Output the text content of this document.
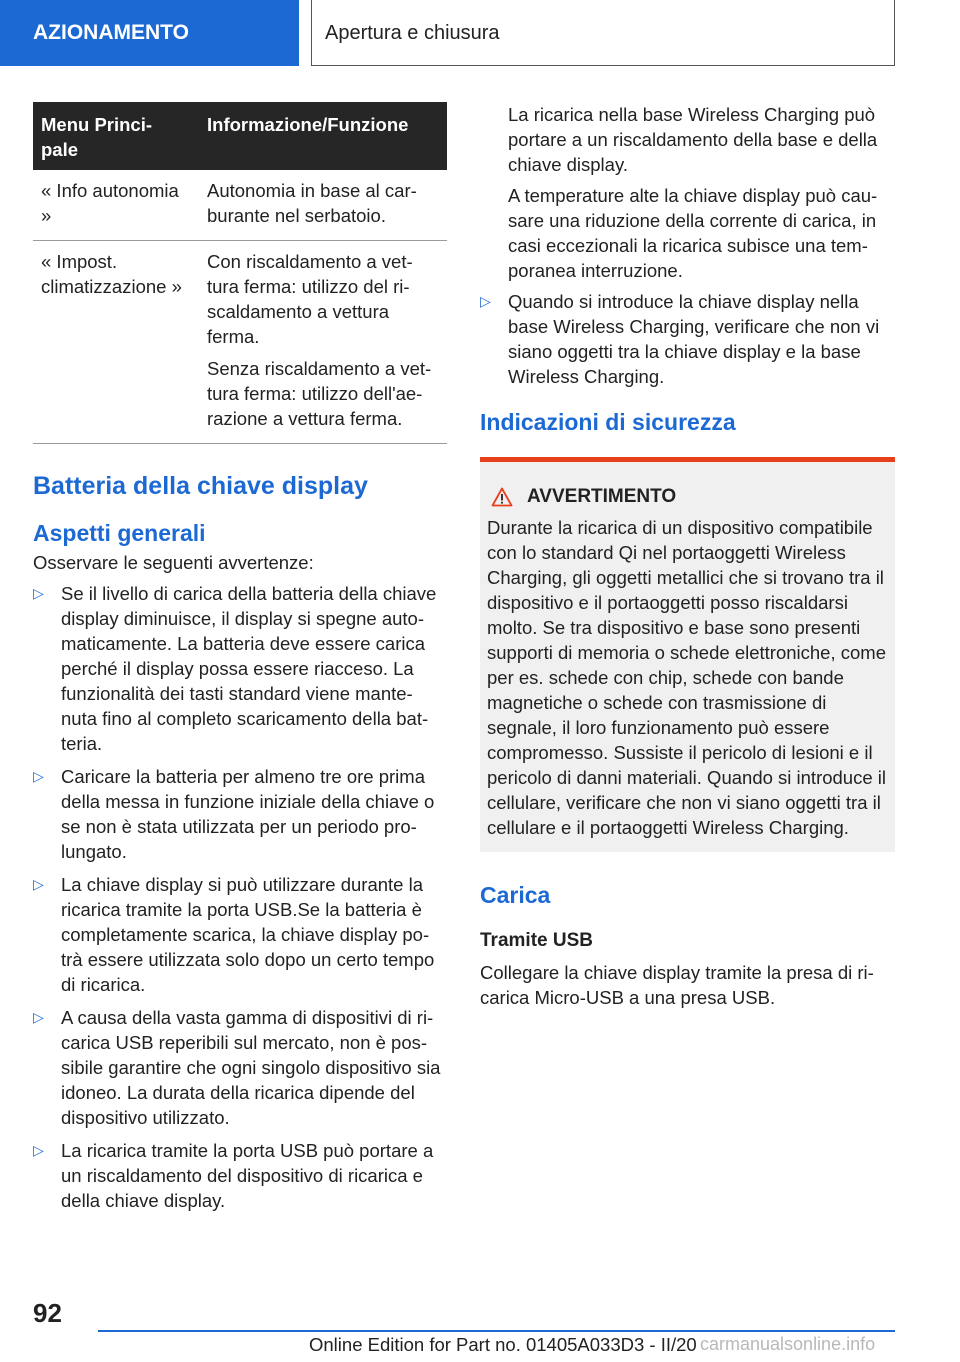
AZIONAMENTO	Apertura e chiusura
Menu Princi-
pale	Informazione/Funzione
« Info autonomia »	Autonomia in base al car-burante nel serbatoio.

« Impost. climatizzazione »	Con riscaldamento a vet-tura ferma: utilizzo del ri-scaldamento a vettura ferma.

Senza riscaldamento a vet-tura ferma: utilizzo dell'ae-razione a vettura ferma.

Batteria della chiave display
Aspetti generali

Osservare le seguenti avvertenze:

▷ Se il livello di carica della batteria della chiave display diminuisce, il display si spegne auto-maticamente. La batteria deve essere carica perché il display possa essere riacceso. La funzionalità dei tasti standard viene mante-nuta fino al completo scaricamento della bat-teria.
▷ Caricare la batteria per almeno tre ore prima della messa in funzione iniziale della chiave o se non è stata utilizzata per un periodo pro-lungato.
▷ La chiave display si può utilizzare durante la ricarica tramite la porta USB.Se la batteria è completamente scarica, la chiave display po-trà essere utilizzata solo dopo un certo tempo di ricarica.
▷ A causa della vasta gamma di dispositivi di ri-carica USB reperibili sul mercato, non è pos-sibile garantire che ogni singolo dispositivo sia idoneo. La durata della ricarica dipende del dispositivo utilizzato.
▷ La ricarica tramite la porta USB può portare a un riscaldamento del dispositivo di ricarica e della chiave display.

La ricarica nella base Wireless Charging può portare a un riscaldamento della base e della chiave display.

A temperature alte la chiave display può cau-sare una riduzione della corrente di carica, in casi eccezionali la ricarica subisce una tem-poranea interruzione.

▷ Quando si introduce la chiave display nella base Wireless Charging, verificare che non vi siano oggetti tra la chiave display e la base Wireless Charging.
Indicazioni di sicurezza
AVVERTIMENTO

Durante la ricarica di un dispositivo compatibile con lo standard Qi nel portaoggetti Wireless Charging, gli oggetti metallici che si trovano tra il dispositivo e il portaoggetti posso riscaldarsi molto. Se tra dispositivo e base sono presenti supporti di memoria o schede elettroniche, come per es. schede con chip, schede con bande magnetiche o schede con trasmissione di segnale, il loro funzionamento può essere compromesso. Sussiste il pericolo di lesioni e il pericolo di danni materiali. Quando si introduce il cellulare, verificare che non vi siano oggetti tra il cellulare e il portaoggetti Wireless Charging.

Carica
Tramite USB

Collegare la chiave display tramite la presa di ri-carica Micro-USB a una presa USB.

92
Online Edition for Part no. 01405A033D3 - II/20 carmanualsonline.info
